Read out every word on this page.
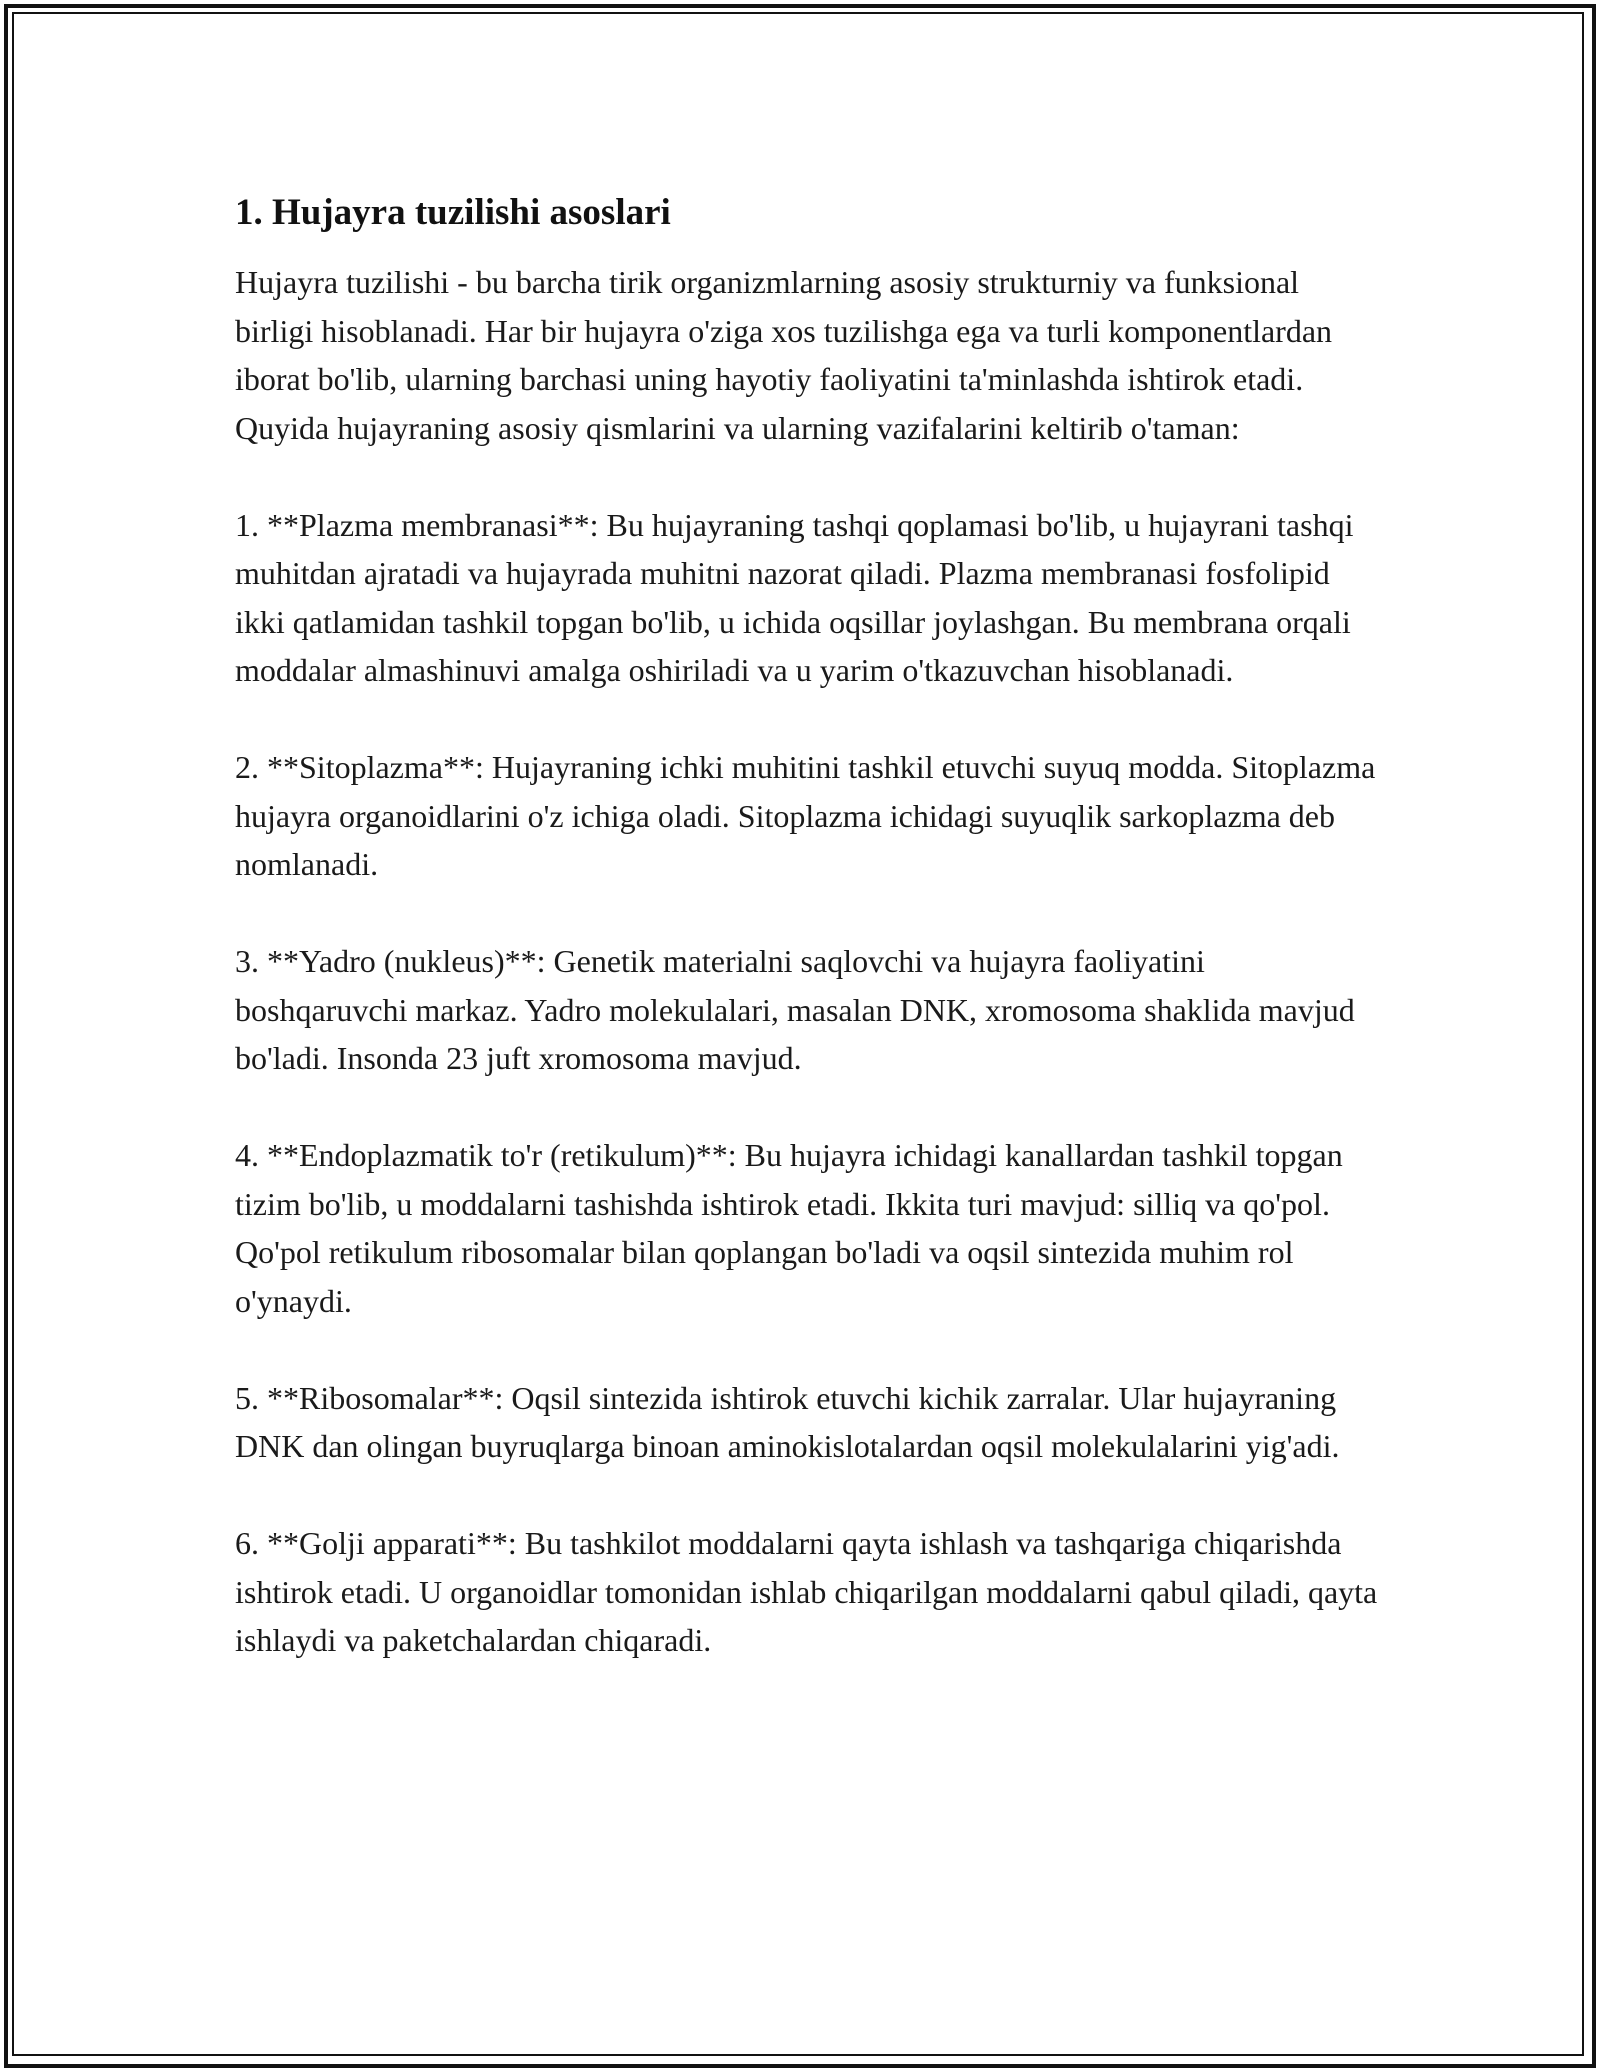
1. Hujayra tuzilishi asoslari

Hujayra tuzilishi - bu barcha tirik organizmlarning asosiy strukturniy va funksional birligi hisoblanadi. Har bir hujayra o'ziga xos tuzilishga ega va turli komponentlardan iborat bo'lib, ularning barchasi uning hayotiy faoliyatini ta'minlashda ishtirok etadi. Quyida hujayraning asosiy qismlarini va ularning vazifalarini keltirib o'taman:

1. **Plazma membranasi**: Bu hujayraning tashqi qoplamasi bo'lib, u hujayrani tashqi muhitdan ajratadi va hujayrada muhitni nazorat qiladi. Plazma membranasi fosfolipid ikki qatlamidan tashkil topgan bo'lib, u ichida oqsillar joylashgan. Bu membrana orqali moddalar almashinuvi amalga oshiriladi va u yarim o'tkazuvchan hisoblanadi.

2. **Sitoplazma**: Hujayraning ichki muhitini tashkil etuvchi suyuq modda. Sitoplazma hujayra organoidlarini o'z ichiga oladi. Sitoplazma ichidagi suyuqlik sarkoplazma deb nomlanadi.

3. **Yadro (nukleus)**: Genetik materialni saqlovchi va hujayra faoliyatini boshqaruvchi markaz. Yadro molekulalari, masalan DNK, xromosoma shaklida mavjud bo'ladi. Insonda 23 juft xromosoma mavjud.

4. **Endoplazmatik to'r (retikulum)**: Bu hujayra ichidagi kanallardan tashkil topgan tizim bo'lib, u moddalarni tashishda ishtirok etadi. Ikkita turi mavjud: silliq va qo'pol. Qo'pol retikulum ribosomalar bilan qoplangan bo'ladi va oqsil sintezida muhim rol o'ynaydi.

5. **Ribosomalar**: Oqsil sintezida ishtirok etuvchi kichik zarralar. Ular hujayraning DNK dan olingan buyruqlarga binoan aminokislotalardan oqsil molekulalarini yig'adi.

6. **Golji apparati**: Bu tashkilot moddalarni qayta ishlash va tashqariga chiqarishda ishtirok etadi. U organoidlar tomonidan ishlab chiqarilgan moddalarni qabul qiladi, qayta ishlaydi va paketchalardan chiqaradi.
